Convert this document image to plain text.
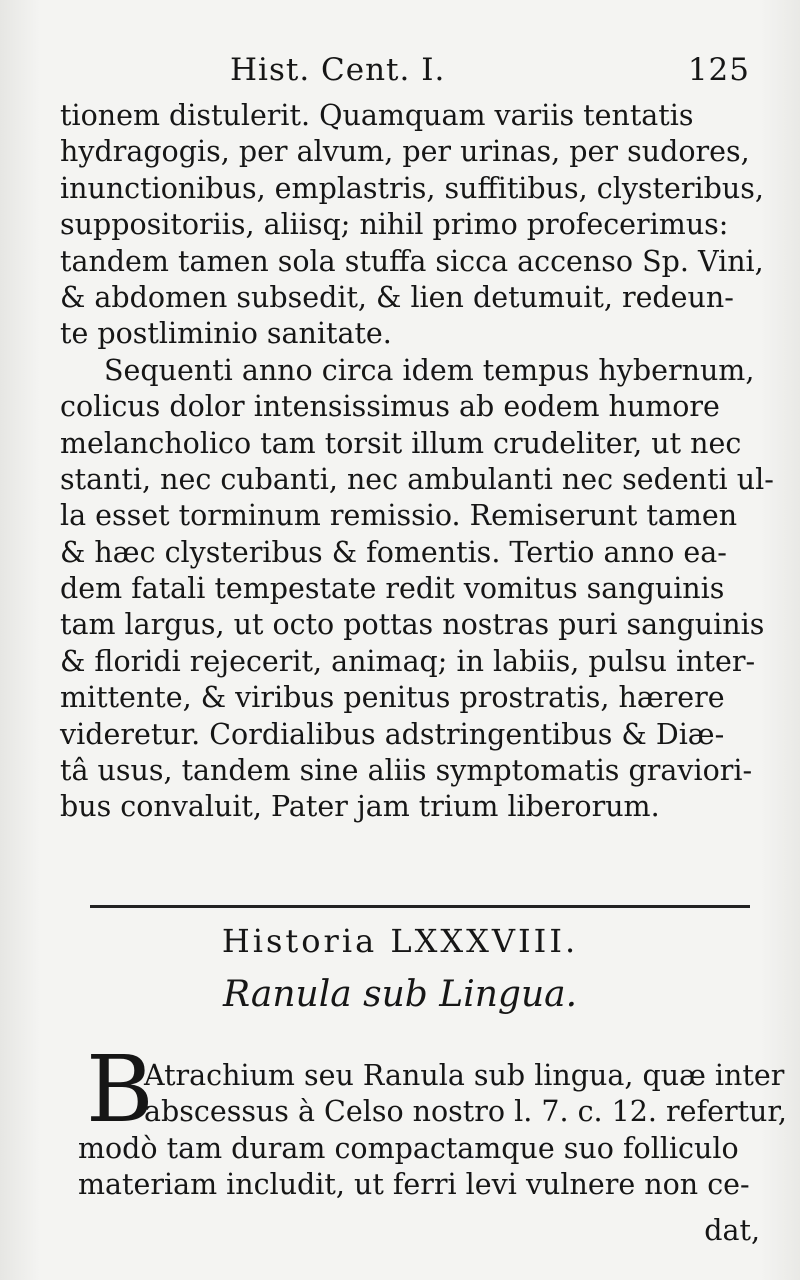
Hist. Cent. I.	125
tionem distulerit. Quamquam variis tentatis
hydragogis, per alvum, per urinas, per sudores,
inunctionibus, emplastris, suffitibus, clysteribus,
suppositoriis, aliisq; nihil primo profecerimus:
tandem tamen sola stuffa sicca accenso Sp. Vini,
& abdomen subsedit, & lien detumuit, redeun-
te postliminio sanitate.
Sequenti anno circa idem tempus hybernum,
colicus dolor intensissimus ab eodem humore
melancholico tam torsit illum crudeliter, ut nec
stanti, nec cubanti, nec ambulanti nec sedenti ul-
la esset torminum remissio. Remiserunt tamen
& hæc clysteribus & fomentis. Tertio anno ea-
dem fatali tempestate redit vomitus sanguinis
tam largus, ut octo pottas nostras puri sanguinis
& floridi rejecerit, animaq; in labiis, pulsu inter-
mittente, & viribus penitus prostratis, hærere
videretur. Cordialibus adstringentibus & Diæ-
tâ usus, tandem sine aliis symptomatis graviori-
bus convaluit, Pater jam trium liberorum.
Historia LXXXVIII.
Ranula sub Lingua.
B
Atrachium seu Ranula sub lingua, quæ inter
abscessus à Celso nostro l. 7. c. 12. refertur,
modò tam duram compactamque suo folliculo
materiam includit, ut ferri levi vulnere non ce-
dat,
